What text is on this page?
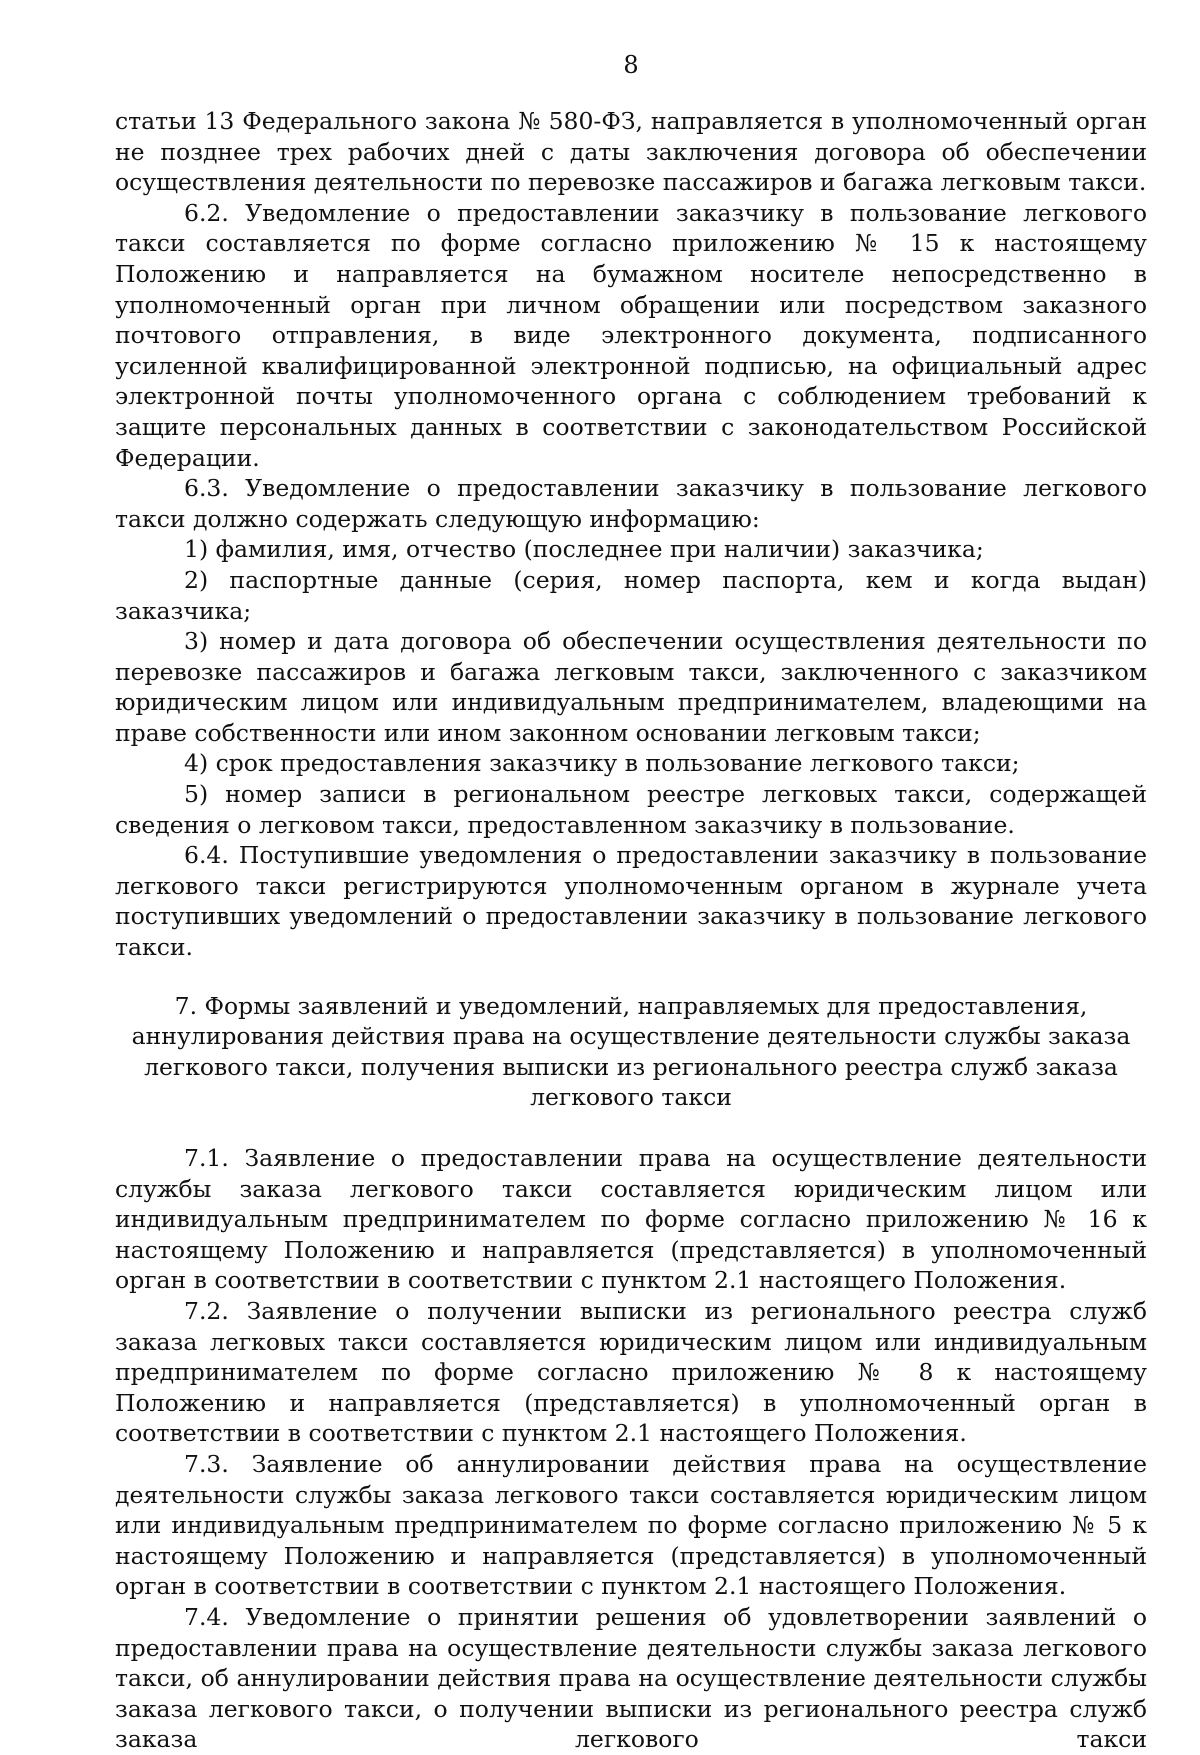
8

статьи 13 Федерального закона № 580-ФЗ, направляется в уполномоченный орган не позднее трех рабочих дней с даты заключения договора об обеспечении осуществления деятельности по перевозке пассажиров и багажа легковым такси.

6.2. Уведомление о предоставлении заказчику в пользование легкового такси составляется по форме согласно приложению № 15 к настоящему Положению и направляется на бумажном носителе непосредственно в уполномоченный орган при личном обращении или посредством заказного почтового отправления, в виде электронного документа, подписанного усиленной квалифицированной электронной подписью, на официальный адрес электронной почты уполномоченного органа с соблюдением требований к защите персональных данных в соответствии с законодательством Российской Федерации.

6.3. Уведомление о предоставлении заказчику в пользование легкового такси должно содержать следующую информацию:

1) фамилия, имя, отчество (последнее при наличии) заказчика;

2) паспортные данные (серия, номер паспорта, кем и когда выдан) заказчика;

3) номер и дата договора об обеспечении осуществления деятельности по перевозке пассажиров и багажа легковым такси, заключенного с заказчиком юридическим лицом или индивидуальным предпринимателем, владеющими на праве собственности или ином законном основании легковым такси;

4) срок предоставления заказчику в пользование легкового такси;

5) номер записи в региональном реестре легковых такси, содержащей сведения о легковом такси, предоставленном заказчику в пользование.

6.4. Поступившие уведомления о предоставлении заказчику в пользование легкового такси регистрируются уполномоченным органом в журнале учета поступивших уведомлений о предоставлении заказчику в пользование легкового такси.

7. Формы заявлений и уведомлений, направляемых для предоставления, аннулирования действия права на осуществление деятельности службы заказа легкового такси, получения выписки из регионального реестра служб заказа легкового такси

7.1. Заявление о предоставлении права на осуществление деятельности службы заказа легкового такси составляется юридическим лицом или индивидуальным предпринимателем по форме согласно приложению № 16 к настоящему Положению и направляется (представляется) в уполномоченный орган в соответствии в соответствии с пунктом 2.1 настоящего Положения.

7.2. Заявление о получении выписки из регионального реестра служб заказа легковых такси составляется юридическим лицом или индивидуальным предпринимателем по форме согласно приложению № 8 к настоящему Положению и направляется (представляется) в уполномоченный орган в соответствии в соответствии с пунктом 2.1 настоящего Положения.

7.3. Заявление об аннулировании действия права на осуществление деятельности службы заказа легкового такси составляется юридическим лицом или индивидуальным предпринимателем по форме согласно приложению № 5 к настоящему Положению и направляется (представляется) в уполномоченный орган в соответствии в соответствии с пунктом 2.1 настоящего Положения.

7.4. Уведомление о принятии решения об удовлетворении заявлений о предоставлении права на осуществление деятельности службы заказа легкового такси, об аннулировании действия права на осуществление деятельности службы заказа легкового такси, о получении выписки из регионального реестра служб заказа легкового такси
